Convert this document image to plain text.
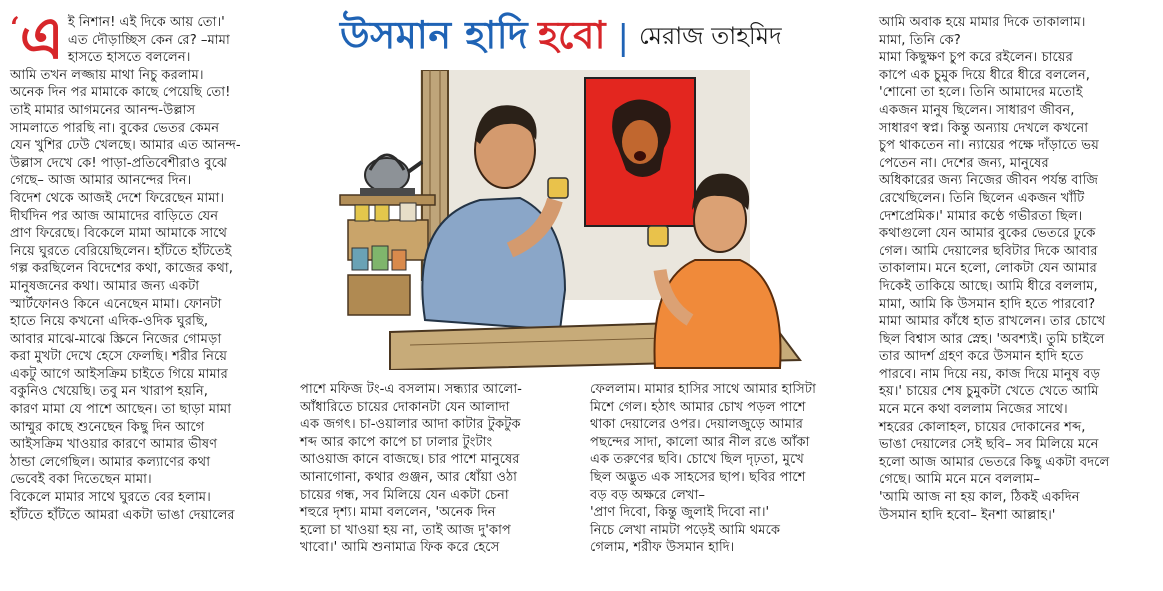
‘এ ই নিশান! এই দিকে আয় তো।'
এত দৌড়াচ্ছিস কেন রে? –মামা
হাসতে হাসতে বললেন।
আমি তখন লজ্জায় মাথা নিচু করলাম।
অনেক দিন পর মামাকে কাছে পেয়েছি তো!
তাই মামার আগমনের আনন্দ-উল্লাস
সামলাতে পারছি না। বুকের ভেতর কেমন
যেন খুশির ঢেউ খেলছে। আমার এত আনন্দ-
উল্লাস দেখে কে! পাড়া-প্রতিবেশীরাও বুঝে
গেছে– আজ আমার আনন্দের দিন।
বিদেশ থেকে আজই দেশে ফিরেছেন মামা।
দীর্ঘদিন পর আজ আমাদের বাড়িতে যেন
প্রাণ ফিরেছে। বিকেলে মামা আমাকে সাথে
নিয়ে ঘুরতে বেরিয়েছিলেন। হাঁটতে হাঁটতেই
গল্প করছিলেন বিদেশের কথা, কাজের কথা,
মানুষজনের কথা। আমার জন্য একটা
স্মার্টফোনও কিনে এনেছেন মামা। ফোনটা
হাতে নিয়ে কখনো এদিক-ওদিক ঘুরছি,
আবার মাঝে-মাঝে স্ক্রিনে নিজের গোমড়া
করা মুখটা দেখে হেসে ফেলছি। শরীর নিয়ে
একটু আগে আইসক্রিম চাইতে গিয়ে মামার
বকুনিও খেয়েছি। তবু মন খারাপ হয়নি,
কারণ মামা যে পাশে আছেন। তা ছাড়া মামা
আম্মুর কাছে শুনেছেন কিছু দিন আগে
আইসক্রিম খাওয়ার কারণে আমার ভীষণ
ঠান্ডা লেগেছিল। আমার কল্যাণের কথা
ভেবেই বকা দিতেছেন মামা।
বিকেলে মামার সাথে ঘুরতে বের হলাম।
হাঁটতে হাঁটতে আমরা একটা ভাঙা দেয়ালের

উসমান হাদি হবো | মেরাজ তাহমিদ

পাশে মফিজ টং-এ বসলাম। সন্ধ্যার আলো-
আঁধারিতে চায়ের দোকানটা যেন আলাদা
এক জগৎ। চা-ওয়ালার আদা কাটার টুকটুক
শব্দ আর কাপে কাপে চা ঢালার টুংটাং
আওয়াজ কানে বাজছে। চার পাশে মানুষের
আনাগোনা, কথার গুঞ্জন, আর ধোঁয়া ওঠা
চায়ের গন্ধ, সব মিলিয়ে যেন একটা চেনা
শহুরে দৃশ্য। মামা বললেন, 'অনেক দিন
হলো চা খাওয়া হয় না, তাই আজ দু'কাপ
খাবো।' আমি শুনামাত্র ফিক করে হেসে

ফেললাম। মামার হাসির সাথে আমার হাসিটা
মিশে গেল। হঠাৎ আমার চোখ পড়ল পাশে
থাকা দেয়ালের ওপর। দেয়ালজুড়ে আমার
পছন্দের সাদা, কালো আর নীল রঙে আঁকা
এক তরুণের ছবি। চোখে ছিল দৃঢ়তা, মুখে
ছিল অদ্ভুত এক সাহসের ছাপ। ছবির পাশে
বড় বড় অক্ষরে লেখা–
'প্রাণ দিবো, কিন্তু জুলাই দিবো না।'
নিচে লেখা নামটা পড়েই আমি থমকে
গেলাম, শরীফ উসমান হাদি।

আমি অবাক হয়ে মামার দিকে তাকালাম।
মামা, তিনি কে?
মামা কিছুক্ষণ চুপ করে রইলেন। চায়ের
কাপে এক চুমুক দিয়ে ধীরে ধীরে বললেন,
'শোনো তা হলে। তিনি আমাদের মতোই
একজন মানুষ ছিলেন। সাধারণ জীবন,
সাধারণ স্বপ্ন। কিন্তু অন্যায় দেখলে কখনো
চুপ থাকতেন না। ন্যায়ের পক্ষে দাঁড়াতে ভয়
পেতেন না। দেশের জন্য, মানুষের
অধিকারের জন্য নিজের জীবন পর্যন্ত বাজি
রেখেছিলেন। তিনি ছিলেন একজন খাঁটি
দেশপ্রেমিক।' মামার কণ্ঠে গভীরতা ছিল।
কথাগুলো যেন আমার বুকের ভেতরে ঢুকে
গেল। আমি দেয়ালের ছবিটার দিকে আবার
তাকালাম। মনে হলো, লোকটা যেন আমার
দিকেই তাকিয়ে আছে। আমি ধীরে বললাম,
মামা, আমি কি উসমান হাদি হতে পারবো?
মামা আমার কাঁধে হাত রাখলেন। তার চোখে
ছিল বিশ্বাস আর স্নেহ। 'অবশ্যই। তুমি চাইলে
তার আদর্শ গ্রহণ করে উসমান হাদি হতে
পারবে। নাম দিয়ে নয়, কাজ দিয়ে মানুষ বড়
হয়।' চায়ের শেষ চুমুকটা খেতে খেতে আমি
মনে মনে কথা বললাম নিজের সাথে।
শহরের কোলাহল, চায়ের দোকানের শব্দ,
ভাঙা দেয়ালের সেই ছবি– সব মিলিয়ে মনে
হলো আজ আমার ভেতরে কিছু একটা বদলে
গেছে। আমি মনে মনে বললাম–
'আমি আজ না হয় কাল, ঠিকই একদিন
উসমান হাদি হবো– ইনশা আল্লাহ।'
